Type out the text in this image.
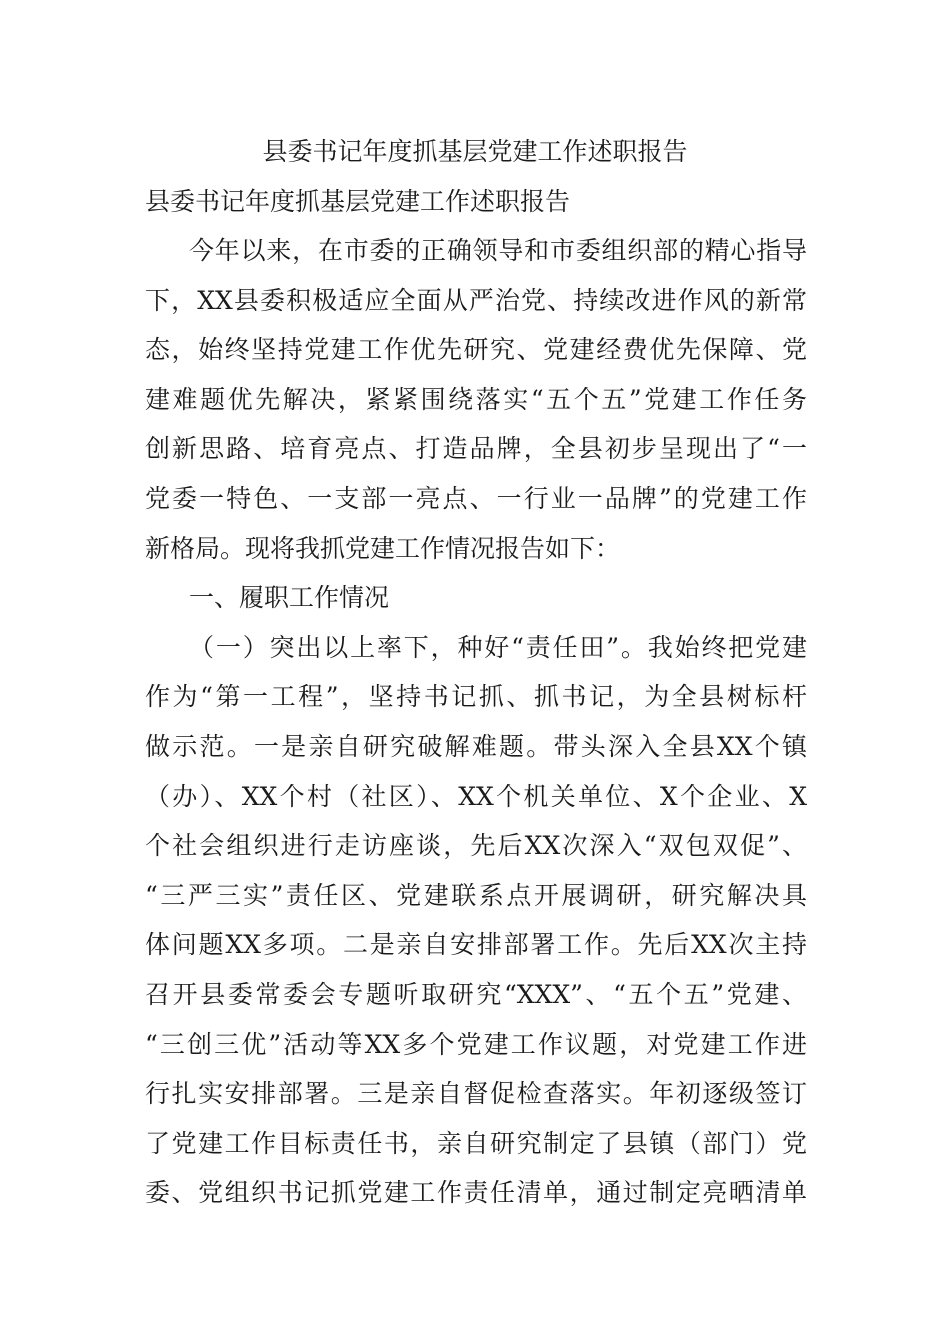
县委书记年度抓基层党建工作述职报告
县委书记年度抓基层党建工作述职报告
今年以来，在市委的正确领导和市委组织部的精心指导
下，XX县委积极适应全面从严治党、持续改进作风的新常
态，始终坚持党建工作优先研究、党建经费优先保障、党
建难题优先解决，紧紧围绕落实“五个五”党建工作任务
创新思路、培育亮点、打造品牌，全县初步呈现出了“一
党委一特色、一支部一亮点、一行业一品牌”的党建工作
新格局。现将我抓党建工作情况报告如下：
一、履职工作情况
（一）突出以上率下，种好“责任田”。我始终把党建
作为“第一工程”，坚持书记抓、抓书记，为全县树标杆
做示范。一是亲自研究破解难题。带头深入全县XX个镇
（办）、XX个村（社区）、XX个机关单位、X个企业、X
个社会组织进行走访座谈，先后XX次深入“双包双促”、
“三严三实”责任区、党建联系点开展调研，研究解决具
体问题XX多项。二是亲自安排部署工作。先后XX次主持
召开县委常委会专题听取研究“XXX”、“五个五”党建、
“三创三优”活动等XX多个党建工作议题，对党建工作进
行扎实安排部署。三是亲自督促检查落实。年初逐级签订
了党建工作目标责任书，亲自研究制定了县镇（部门）党
委、党组织书记抓党建工作责任清单，通过制定亮晒清单
